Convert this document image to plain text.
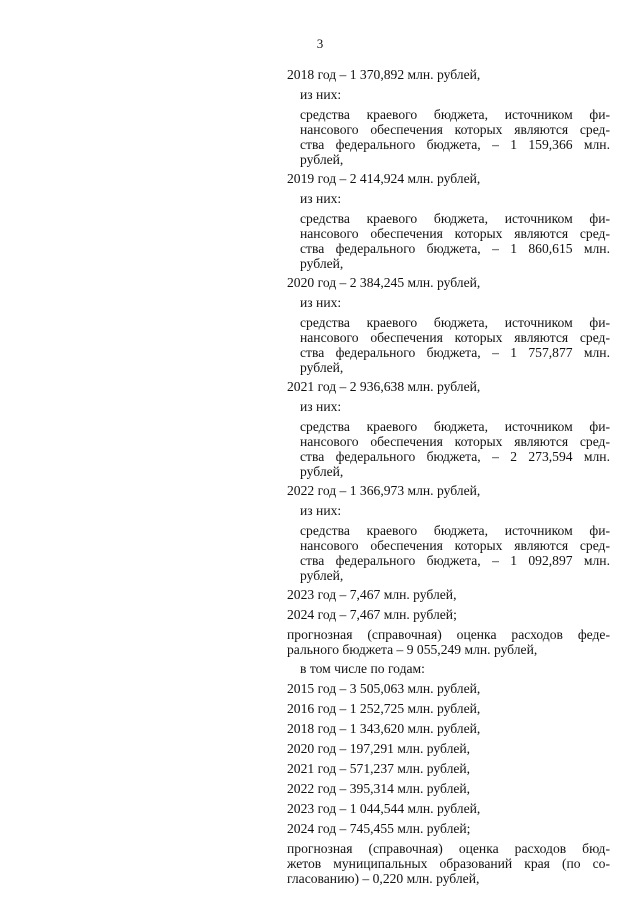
3
2018 год – 1 370,892 млн. рублей,
из них:
средства краевого бюджета, источником фи-
нансового обеспечения которых являются сред-
ства федерального бюджета, – 1 159,366 млн.
рублей,
2019 год – 2 414,924 млн. рублей,
из них:
средства краевого бюджета, источником фи-
нансового обеспечения которых являются сред-
ства федерального бюджета, – 1 860,615 млн.
рублей,
2020 год – 2 384,245 млн. рублей,
из них:
средства краевого бюджета, источником фи-
нансового обеспечения которых являются сред-
ства федерального бюджета, – 1 757,877 млн.
рублей,
2021 год – 2 936,638 млн. рублей,
из них:
средства краевого бюджета, источником фи-
нансового обеспечения которых являются сред-
ства федерального бюджета, – 2 273,594 млн.
рублей,
2022 год – 1 366,973 млн. рублей,
из них:
средства краевого бюджета, источником фи-
нансового обеспечения которых являются сред-
ства федерального бюджета, – 1 092,897 млн.
рублей,
2023 год – 7,467 млн. рублей,
2024 год – 7,467 млн. рублей;
прогнозная (справочная) оценка расходов феде-
рального бюджета – 9 055,249 млн. рублей,
в том числе по годам:
2015 год – 3 505,063 млн. рублей,
2016 год – 1 252,725 млн. рублей,
2018 год – 1 343,620 млн. рублей,
2020 год – 197,291 млн. рублей,
2021 год – 571,237 млн. рублей,
2022 год – 395,314 млн. рублей,
2023 год – 1 044,544 млн. рублей,
2024 год – 745,455 млн. рублей;
прогнозная (справочная) оценка расходов бюд-
жетов муниципальных образований края (по со-
гласованию) – 0,220 млн. рублей,
